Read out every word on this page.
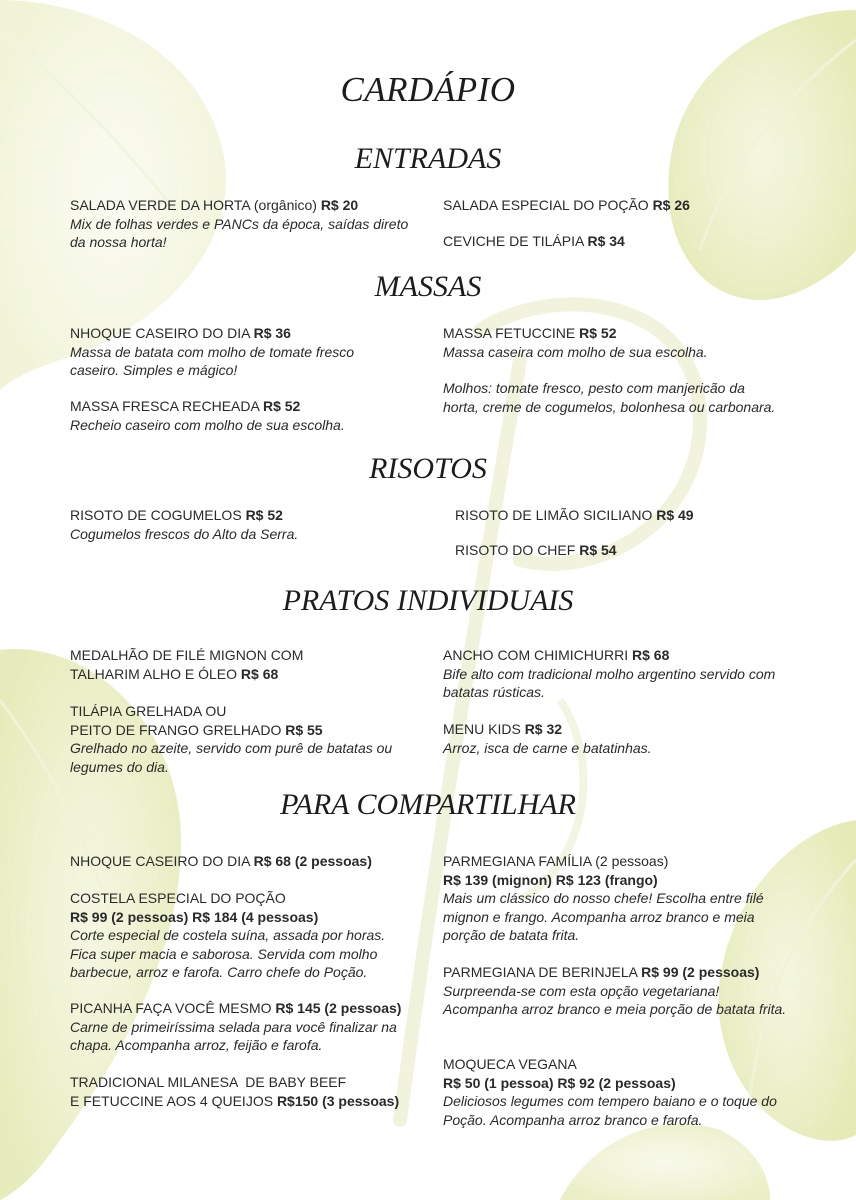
CARDÁPIO
ENTRADAS
SALADA VERDE DA HORTA (orgânico) R$ 20
Mix de folhas verdes e PANCs da época, saídas direto da nossa horta!
SALADA ESPECIAL DO POÇÃO R$ 26
CEVICHE DE TILÁPIA R$ 34
MASSAS
NHOQUE CASEIRO DO DIA R$ 36
Massa de batata com molho de tomate fresco caseiro. Simples e mágico!
MASSA FRESCA RECHEADA R$ 52
Recheio caseiro com molho de sua escolha.
MASSA FETUCCINE R$ 52
Massa caseira com molho de sua escolha.
Molhos: tomate fresco, pesto com manjericão da horta, creme de cogumelos, bolonhesa ou carbonara.
RISOTOS
RISOTO DE COGUMELOS R$ 52
Cogumelos frescos do Alto da Serra.
RISOTO DE LIMÃO SICILIANO R$ 49
RISOTO DO CHEF R$ 54
PRATOS INDIVIDUAIS
MEDALHÃO DE FILÉ MIGNON COM
TALHARIM ALHO E ÓLEO R$ 68
TILÁPIA GRELHADA OU
PEITO DE FRANGO GRELHADO R$ 55
Grelhado no azeite, servido com purê de batatas ou legumes do dia.
ANCHO COM CHIMICHURRI R$ 68
Bife alto com tradicional molho argentino servido com batatas rústicas.
MENU KIDS R$ 32
Arroz, isca de carne e batatinhas.
PARA COMPARTILHAR
NHOQUE CASEIRO DO DIA R$ 68 (2 pessoas)
COSTELA ESPECIAL DO POÇÃO
R$ 99 (2 pessoas) R$ 184 (4 pessoas)
Corte especial de costela suína, assada por horas. Fica super macia e saborosa. Servida com molho barbecue, arroz e farofa. Carro chefe do Poção.
PICANHA FAÇA VOCÊ MESMO R$ 145 (2 pessoas)
Carne de primeiríssima selada para você finalizar na chapa. Acompanha arroz, feijão e farofa.
TRADICIONAL MILANESA  DE BABY BEEF
E FETUCCINE AOS 4 QUEIJOS R$150 (3 pessoas)
PARMEGIANA FAMÍLIA (2 pessoas)
R$ 139 (mignon) R$ 123 (frango)
Mais um clássico do nosso chefe! Escolha entre filé mignon e frango. Acompanha arroz branco e meia porção de batata frita.
PARMEGIANA DE BERINJELA R$ 99 (2 pessoas)
Surpreenda-se com esta opção vegetariana! Acompanha arroz branco e meia porção de batata frita.
MOQUECA VEGANA
R$ 50 (1 pessoa) R$ 92 (2 pessoas)
Deliciosos legumes com tempero baiano e o toque do Poção. Acompanha arroz branco e farofa.
